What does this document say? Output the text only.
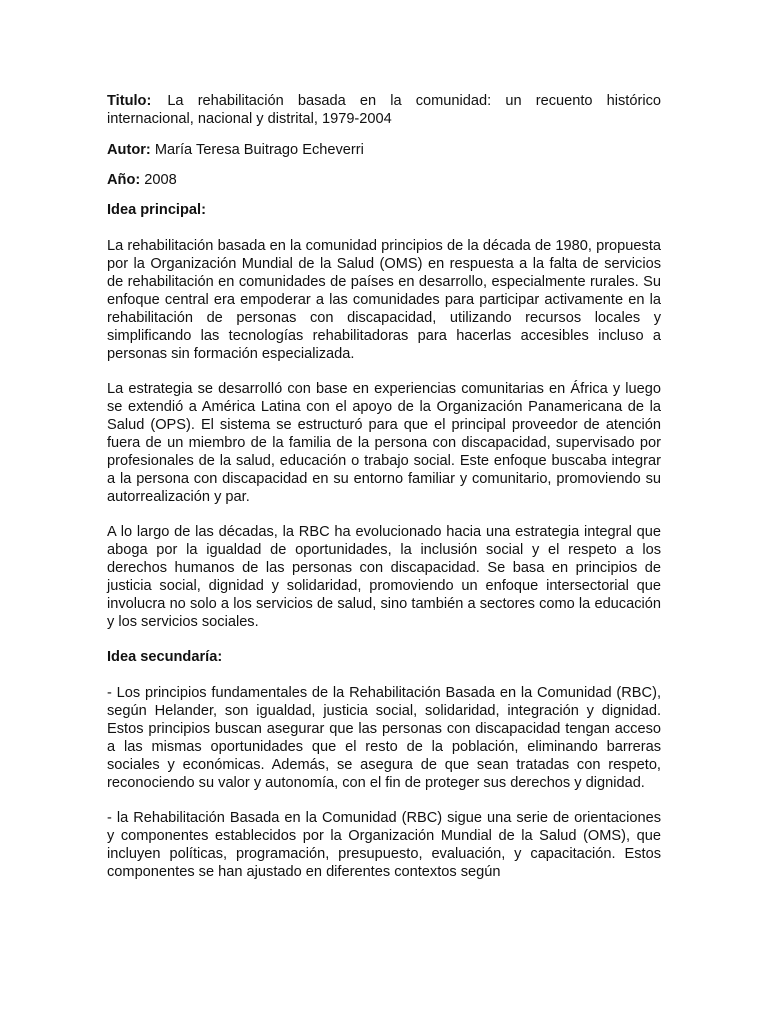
Titulo: La rehabilitación basada en la comunidad: un recuento histórico internacional, nacional y distrital, 1979-2004

Autor: María Teresa Buitrago Echeverri

Año: 2008

Idea principal:

La rehabilitación basada en la comunidad principios de la década de 1980, propuesta por la Organización Mundial de la Salud (OMS) en respuesta a la falta de servicios de rehabilitación en comunidades de países en desarrollo, especialmente rurales. Su enfoque central era empoderar a las comunidades para participar activamente en la rehabilitación de personas con discapacidad, utilizando recursos locales y simplificando las tecnologías rehabilitadoras para hacerlas accesibles incluso a personas sin formación especializada.

La estrategia se desarrolló con base en experiencias comunitarias en África y luego se extendió a América Latina con el apoyo de la Organización Panamericana de la Salud (OPS). El sistema se estructuró para que el principal proveedor de atención fuera de un miembro de la familia de la persona con discapacidad, supervisado por profesionales de la salud, educación o trabajo social. Este enfoque buscaba integrar a la persona con discapacidad en su entorno familiar y comunitario, promoviendo su autorrealización y par.

A lo largo de las décadas, la RBC ha evolucionado hacia una estrategia integral que aboga por la igualdad de oportunidades, la inclusión social y el respeto a los derechos humanos de las personas con discapacidad. Se basa en principios de justicia social, dignidad y solidaridad, promoviendo un enfoque intersectorial que involucra no solo a los servicios de salud, sino también a sectores como la educación y los servicios sociales.

Idea secundaría:

- Los principios fundamentales de la Rehabilitación Basada en la Comunidad (RBC), según Helander, son igualdad, justicia social, solidaridad, integración y dignidad. Estos principios buscan asegurar que las personas con discapacidad tengan acceso a las mismas oportunidades que el resto de la población, eliminando barreras sociales y económicas. Además, se asegura de que sean tratadas con respeto, reconociendo su valor y autonomía, con el fin de proteger sus derechos y dignidad.

- la Rehabilitación Basada en la Comunidad (RBC) sigue una serie de orientaciones y componentes establecidos por la Organización Mundial de la Salud (OMS), que incluyen políticas, programación, presupuesto, evaluación, y capacitación. Estos componentes se han ajustado en diferentes contextos según
